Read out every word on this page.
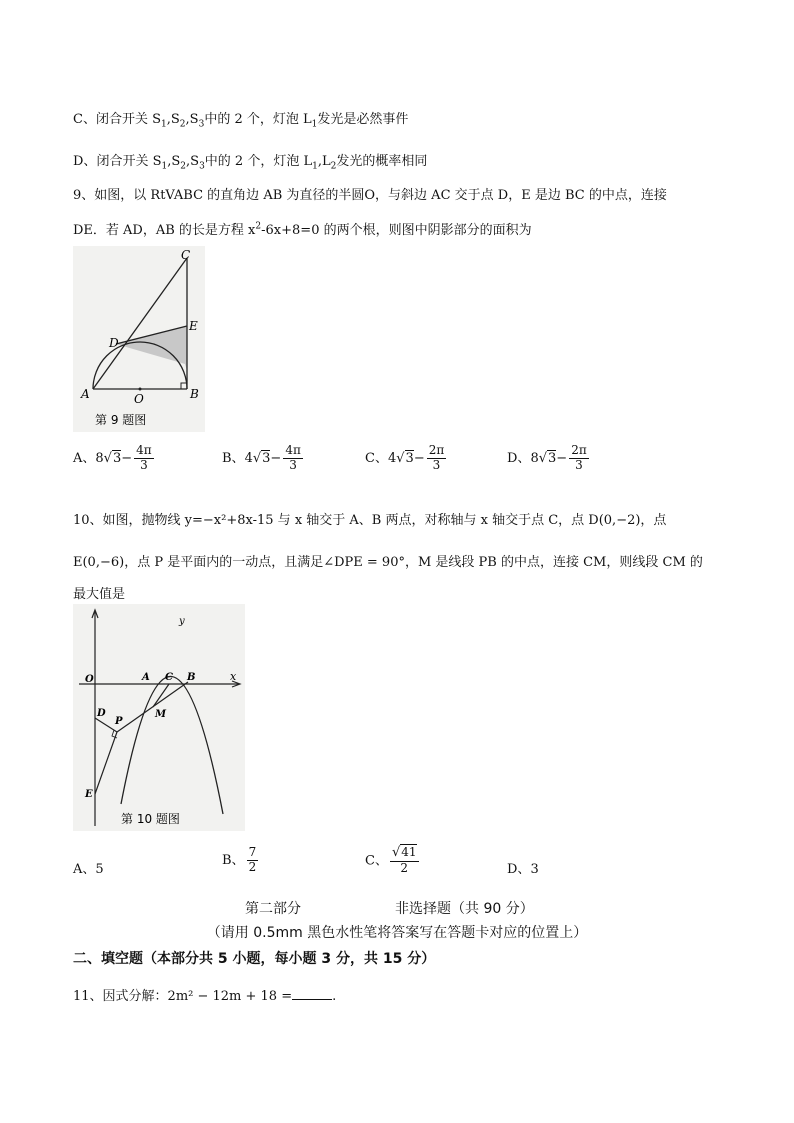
C、闭合开关 $S_1,S_2,S_3$中的 2 个，灯泡 $L_1$发光是必然事件
D、闭合开关 $S_1,S_2,S_3$中的 2 个，灯泡 $L_1,L_2$发光的概率相同
9、如图，以 RtVABC 的直角边 AB 为直径的半圆O，与斜边 AC 交于点 D，E 是边 BC 的中点，连接
DE．若 AD，AB 的长是方程 $x^2-6x+8=0$ 的两个根，则图中阴影部分的面积为
C
D
E
A	O	B
第 9 题图
A、$8√3- \frac{4\pi}{3}$	B、$4√3- \frac{4\pi}{3}$	C、$4√3- \frac{2\pi}{3}$	D、$8√3- \frac{2\pi}{3}$
10、如图，抛物线 y=−x²+8x-15 与 x 轴交于 A、B 两点，对称轴与 x 轴交于点 C，点 D(0,−2)，点
E(0,−6)，点 P 是平面内的一动点，且满足∠DPE = 90°，M 是线段 PB 的中点，连接 CM，则线段 CM 的
最大值是
y
x
O	A C B
D
P
M
E
第 10 题图
A、5
B、 $\frac{7}{2}$	C、 $\frac{√41}{2}$	D、3
第二部分	非选择题（共 90 分）
（请用 0.5mm 黑色水性笔将答案写在答题卡对应的位置上）
二、填空题（本部分共 5 小题，每小题 3 分，共 15 分）
11、因式分解：2m² − 12m + 18 =	.
